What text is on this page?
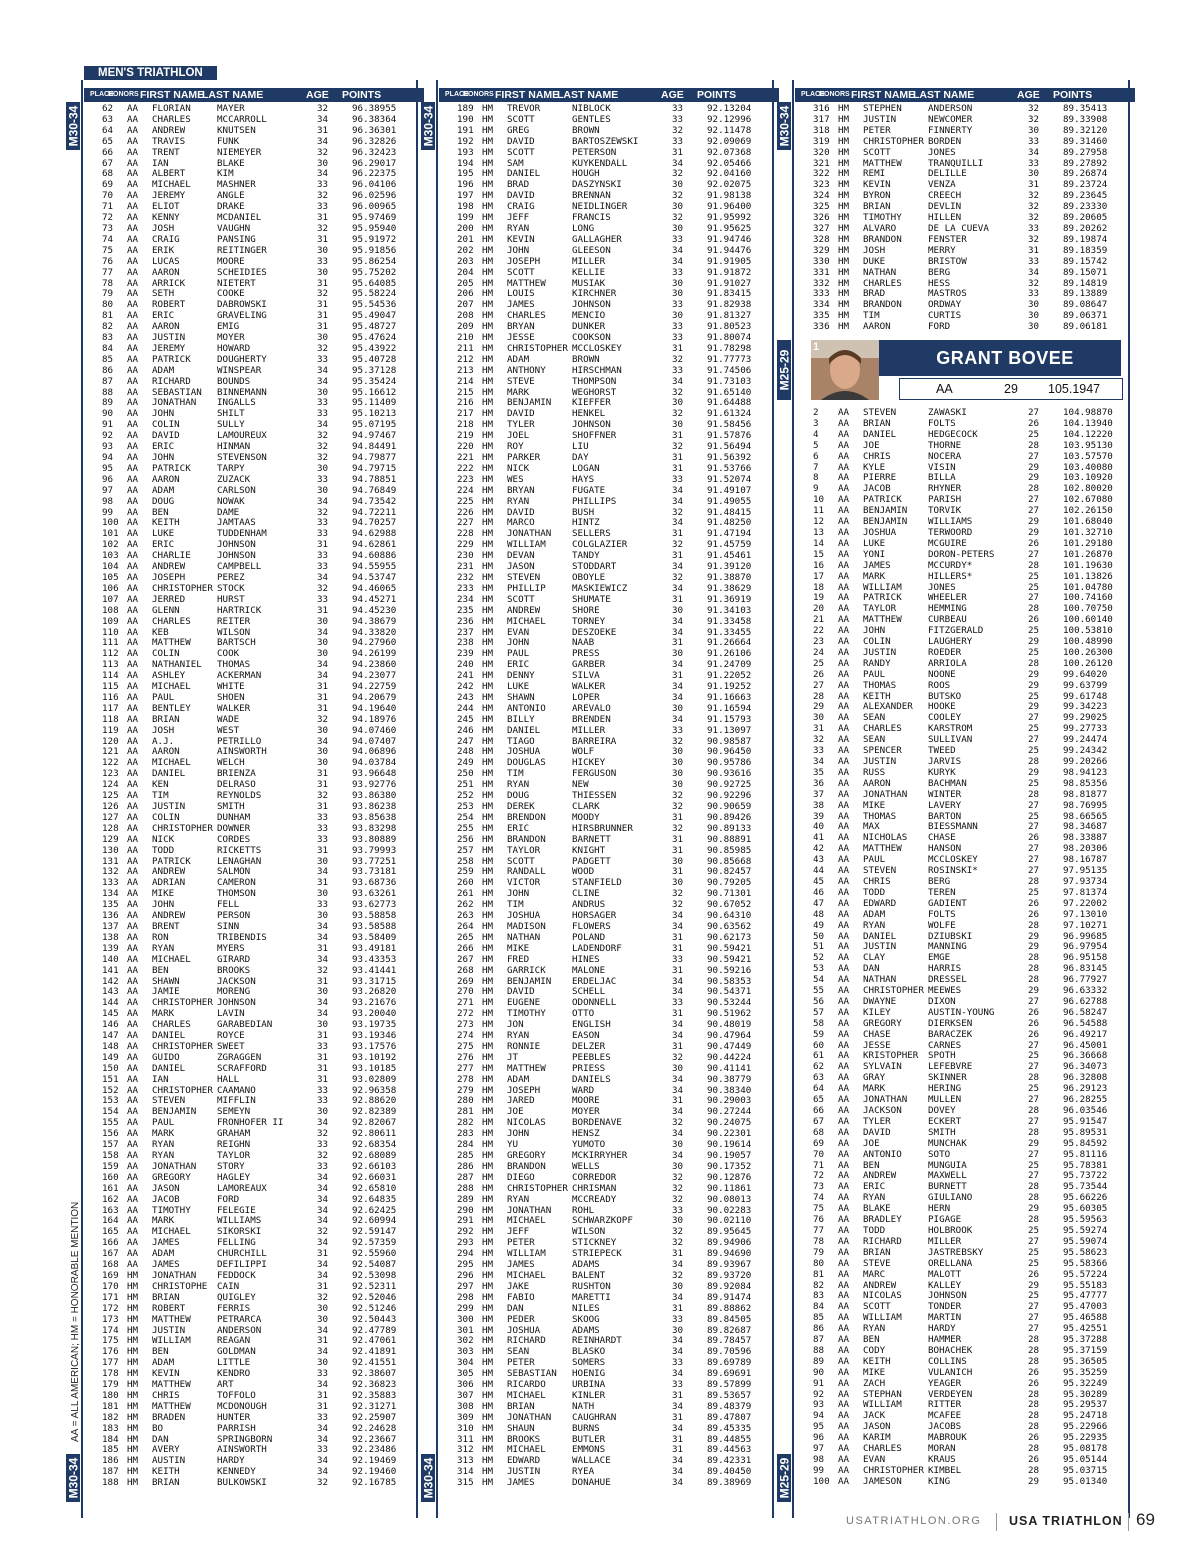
MEN'S TRIATHLON
PLACE
HONORS FIRST NAME
LAST NAME	AGE POINTS
62 AA FLORIAN	MAYER	32	96.38955
63 AA CHARLES	MCCARROLL	34	96.38364
64 AA ANDREW	KNUTSEN	31	96.36301
65 AA TRAVIS	FUNK	34	96.32826
66 AA TRENT	NIEMEYER	32	96.32423
67 AA IAN	BLAKE	30	96.29017
68 AA ALBERT	KIM	34	96.22375
69 AA MICHAEL	MASHNER	33	96.04106
70 AA JEREMY	ANGLE	32	96.02596
71 AA ELIOT	DRAKE	33	96.00965
72 AA KENNY	MCDANIEL	31	95.97469
73 AA JOSH	VAUGHN	32	95.95940
74 AA CRAIG	PANSING	31	95.91972
75 AA ERIK	REITINGER	30	95.91856
76 AA LUCAS	MOORE	33	95.86254
77 AA AARON	SCHEIDIES	30	95.75202
78 AA ARRICK	NIETERT	31	95.64085
79 AA SETH	COOKE	32	95.58224
80 AA ROBERT	DABROWSKI	31	95.54536
81 AA ERIC	GRAVELING	31	95.49047
82 AA AARON	EMIG	31	95.48727
83 AA JUSTIN	MOYER	30	95.47624
84 AA JEREMY	HOWARD	32	95.43922
85 AA PATRICK	DOUGHERTY	33	95.40728
86 AA ADAM	WINSPEAR	34	95.37128
87 AA RICHARD	BOUNDS	34	95.35424
88 AA SEBASTIAN BINNEMANN	30	95.16612
89 AA JONATHAN INGALLS	33	95.11409
90 AA JOHN	SHILT	33	95.10213
91 AA COLIN	SULLY	34	95.07195
92 AA DAVID	LAMOUREUX	32	94.97467
93 AA ERIC	HINMAN	32	94.84491
94 AA JOHN	STEVENSON	32	94.79877
95 AA PATRICK	TARPY	30	94.79715
96 AA AARON	ZUZACK	33	94.78851
97 AA ADAM	CARLSON	30	94.76849
98 AA DOUG	NOWAK	34	94.73542
99 AA BEN	DAME	32	94.72211
100 AA KEITH	JAMTAAS	33	94.70257
101 AA LUKE	TUDDENHAM	33	94.62988
102 AA ERIC	JOHNSON	31	94.62861
103 AA CHARLIE	JOHNSON	33	94.60886
104 AA ANDREW	CAMPBELL	33	94.55955
105 AA JOSEPH	PEREZ	34	94.53747
106 AA CHRISTOPHER STOCK	32	94.46065
107 AA JERRED	HURST	33	94.45271
108 AA GLENN	HARTRICK	31	94.45230
109 AA CHARLES	REITER	30	94.38679
110 AA KEB	WILSON	34	94.33820
111 AA MATTHEW	BARTSCH	30	94.27960
112 AA COLIN	COOK	30	94.26199
113 AA NATHANIEL THOMAS	34	94.23860
114 AA ASHLEY	ACKERMAN	34	94.23077
115 AA MICHAEL	WHITE	31	94.22759
116 AA PAUL	SHOEN	31	94.20679
117 AA BENTLEY	WALKER	31	94.19640
118 AA BRIAN	WADE	32	94.18976
119 AA JOSH	WEST	30	94.07460
120 AA A.J.	PETRILLO	34	94.07407
121 AA AARON	AINSWORTH	30	94.06896
122 AA MICHAEL	WELCH	30	94.03784
123 AA DANIEL	BRIENZA	31	93.96648
124 AA KEN	DELRASO	31	93.92776
125 AA TIM	REYNOLDS	32	93.86380
126 AA JUSTIN	SMITH	31	93.86238
127 AA COLIN	DUNHAM	33	93.85638
128 AA CHRISTOPHER DOWNER	33	93.83298
129 AA NICK	CORDES	33	93.80889
130 AA TODD	RICKETTS	31	93.79993
131 AA PATRICK	LENAGHAN	30	93.77251
132 AA ANDREW	SALMON	34	93.73181
133 AA ADRIAN	CAMERON	31	93.68736
134 AA MIKE	THOMSON	30	93.63261
135 AA JOHN	FELL	33	93.62773
136 AA ANDREW	PERSON	30	93.58858
137 AA BRENT	SINN	34	93.58588
138 AA RON	TRIBENDIS	34	93.58409
139 AA RYAN	MYERS	31	93.49181
140 AA MICHAEL	GIRARD	34	93.43353
141 AA BEN	BROOKS	32	93.41441
142 AA SHAWN	JACKSON	31	93.31715
143 AA JAMIE	MORENG	30	93.26820
144 AA CHRISTOPHER JOHNSON	34	93.21676
145 AA MARK	LAVIN	34	93.20040
146 AA CHARLES	GARABEDIAN	30	93.19735
147 AA DANIEL	ROYCE	31	93.19346
148 AA CHRISTOPHER SWEET	33	93.17576
149 AA GUIDO	ZGRAGGEN	31	93.10192
150 AA DANIEL	SCRAFFORD	31	93.10185
151 AA IAN	HALL	31	93.02809
152 AA CHRISTOPHER CAAMANO	33	92.96358
153 AA STEVEN	MIFFLIN	33	92.88620
154 AA BENJAMIN SEMEYN	30	92.82389
155 AA PAUL	FRONHOFER II	34	92.82067
156 AA MARK	GRAHAM	32	92.80611
157 AA RYAN	REIGHN	33	92.68354
158 AA RYAN	TAYLOR	32	92.68089
159 AA JONATHAN STORY	33	92.66103
160 AA GREGORY	HAGLEY	34	92.66031
161 AA JASON	LAMOREAUX	34	92.65810
162 AA JACOB	FORD	34	92.64835
163 AA TIMOTHY	FELEGIE	34	92.62425
164 AA MARK	WILLIAMS	34	92.60994
165 AA MICHAEL	SIKORSKI	32	92.59147
166 AA JAMES	FELLING	34	92.57359
167 AA ADAM	CHURCHILL	31	92.55960
168 AA JAMES	DEFILIPPI	34	92.54087
169 HM JONATHAN FEDDOCK	34	92.53098
170 HM CHRISTOPHE CAIN	31	92.52311
171 HM BRIAN	QUIGLEY	32	92.52046
172 HM ROBERT	FERRIS	30	92.51246
173 HM MATTHEW	PETRARCA	30	92.50443
174 HM JUSTIN	ANDERSON	34	92.47789
175 HM WILLIAM	REAGAN	31	92.47061
176 HM BEN	GOLDMAN	34	92.41891
177 HM ADAM	LITTLE	30	92.41551
178 HM KEVIN	KENDRO	33	92.38607
179 HM MATTHEW	ART	34	92.36823
180 HM CHRIS	TOFFOLO	31	92.35883
181 HM MATTHEW	MCDONOUGH	31	92.31271
182 HM BRADEN	HUNTER	33	92.25907
183 HM BO	PARRISH	34	92.24628
184 HM DAN	SPRINGBORN	34	92.23667
185 HM AVERY	AINSWORTH	33	92.23486
186 HM AUSTIN	HARDY	34	92.19469
187 HM KEITH	KENNEDY	34	92.19460
188 HM BRIAN	BULKOWSKI	32	92.16785
M30-34
M30-34
AA = ALL AMERICAN; HM = HONORABLE MENTION
PLACE
HONORS FIRST NAME
LAST NAME	AGE POINTS
189 HM TREVOR	NIBLOCK	33	92.13204
190 HM SCOTT	GENTLES	33	92.12996
191 HM GREG	BROWN	32	92.11478
192 HM DAVID	BARTOSZEWSKI	33	92.09069
193 HM SCOTT	PETERSON	31	92.07368
194 HM SAM	KUYKENDALL	34	92.05466
195 HM DANIEL	HOUGH	32	92.04160
196 HM BRAD	DASZYNSKI	30	92.02075
197 HM DAVID	BRENNAN	32	91.98138
198 HM CRAIG	NEIDLINGER	30	91.96400
199 HM JEFF	FRANCIS	32	91.95992
200 HM RYAN	LONG	30	91.95625
201 HM KEVIN	GALLAGHER	33	91.94746
202 HM JOHN	GLEESON	34	91.94476
203 HM JOSEPH	MILLER	34	91.91905
204 HM SCOTT	KELLIE	33	91.91872
205 HM MATTHEW	MUSIAK	30	91.91027
206 HM LOUIS	KIRCHNER	30	91.83415
207 HM JAMES	JOHNSON	33	91.82938
208 HM CHARLES	MENCIO	30	91.81327
209 HM BRYAN	DUNKER	33	91.80523
210 HM JESSE	COOKSON	33	91.80074
211 HM CHRISTOPHER MCCLOSKEY	31	91.78298
212 HM ADAM	BROWN	32	91.77773
213 HM ANTHONY	HIRSCHMAN	33	91.74506
214 HM STEVE	THOMPSON	34	91.73103
215 HM MARK	WEGHORST	32	91.65140
216 HM BENJAMIN KIEFFER	30	91.64488
217 HM DAVID	HENKEL	32	91.61324
218 HM TYLER	JOHNSON	30	91.58456
219 HM JOEL	SHOFFNER	31	91.57876
220 HM ROY	LIU	32	91.56494
221 HM PARKER	DAY	31	91.56392
222 HM NICK	LOGAN	31	91.53766
223 HM WES	HAYS	33	91.52074
224 HM BRYAN	FUGATE	34	91.49107
225 HM RYAN	PHILLIPS	34	91.49055
226 HM DAVID	BUSH	32	91.48415
227 HM MARCO	HINTZ	34	91.48250
228 HM JONATHAN SELLERS	31	91.47194
229 HM WILLIAM	COLGLAZIER	32	91.45759
230 HM DEVAN	TANDY	31	91.45461
231 HM JASON	STODDART	34	91.39120
232 HM STEVEN	OBOYLE	32	91.38870
233 HM PHILLIP	MASKIEWICZ	34	91.38629
234 HM SCOTT	SHUMATE	31	91.36919
235 HM ANDREW	SHORE	30	91.34103
236 HM MICHAEL	TORNEY	34	91.33458
237 HM EVAN	DESZOEKE	34	91.33455
238 HM JOHN	NAAB	31	91.26664
239 HM PAUL	PRESS	30	91.26106
240 HM ERIC	GARBER	34	91.24709
241 HM DENNY	SILVA	31	91.22052
242 HM LUKE	WALKER	34	91.19252
243 HM SHAWN	LOPER	34	91.16663
244 HM ANTONIO	AREVALO	30	91.16594
245 HM BILLY	BRENDEN	34	91.15793
246 HM DANIEL	MILLER	33	91.13097
247 HM TIAGO	BARREIRA	32	90.98587
248 HM JOSHUA	WOLF	30	90.96450
249 HM DOUGLAS	HICKEY	30	90.95786
250 HM TIM	FERGUSON	30	90.93616
251 HM RYAN	NEW	30	90.92725
252 HM DOUG	THIESSEN	32	90.92296
253 HM DEREK	CLARK	32	90.90659
254 HM BRENDON	MOODY	31	90.89426
255 HM ERIC	HIRSBRUNNER	32	90.89133
256 HM BRANDON	BARNETT	31	90.88891
257 HM TAYLOR	KNIGHT	31	90.85985
258 HM SCOTT	PADGETT	30	90.85668
259 HM RANDALL	WOOD	31	90.82457
260 HM VICTOR	STANFIELD	30	90.79205
261 HM JOHN	CLINE	32	90.71301
262 HM TIM	ANDRUS	32	90.67052
263 HM JOSHUA	HORSAGER	34	90.64310
264 HM MADISON	FLOWERS	34	90.63562
265 HM NATHAN	POLAND	31	90.62173
266 HM MIKE	LADENDORF	31	90.59421
267 HM FRED	HINES	33	90.59421
268 HM GARRICK	MALONE	31	90.59216
269 HM BENJAMIN ERDELJAC	34	90.58353
270 HM DAVID	SCHELL	34	90.54371
271 HM EUGENE	ODONNELL	33	90.53244
272 HM TIMOTHY	OTTO	31	90.51962
273 HM JON	ENGLISH	34	90.48019
274 HM RYAN	EASON	34	90.47964
275 HM RONNIE	DELZER	31	90.47449
276 HM JT	PEEBLES	32	90.44224
277 HM MATTHEW	PRIESS	30	90.41141
278 HM ADAM	DANIELS	34	90.38779
279 HM JOSEPH	WARD	34	90.38340
280 HM JARED	MOORE	31	90.29003
281 HM JOE	MOYER	34	90.27244
282 HM NICOLAS	BORDENAVE	32	90.24075
283 HM JOHN	HENSZ	34	90.22301
284 HM YU	YUMOTO	30	90.19614
285 HM GREGORY	MCKIRRYHER	34	90.19057
286 HM BRANDON	WELLS	30	90.17352
287 HM DIEGO	CORREDOR	32	90.12876
288 HM CHRISTOPHER CHRISMAN	32	90.11861
289 HM RYAN	MCCREADY	32	90.08013
290 HM JONATHAN ROHL	33	90.02283
291 HM MICHAEL	SCHWARZKOPF	30	90.02110
292 HM JEFF	WILSON	32	89.95645
293 HM PETER	STICKNEY	32	89.94906
294 HM WILLIAM	STRIEPECK	31	89.94690
295 HM JAMES	ADAMS	34	89.93967
296 HM MICHAEL	BALENT	32	89.93720
297 HM JAKE	RUSHTON	30	89.92084
298 HM FABIO	MARETTI	34	89.91474
299 HM DAN	NILES	31	89.88862
300 HM PEDER	SKOOG	33	89.84505
301 HM JOSHUA	ADAMS	30	89.82687
302 HM RICHARD	REINHARDT	34	89.78457
303 HM SEAN	BLASKO	34	89.70596
304 HM PETER	SOMERS	33	89.69789
305 HM SEBASTIAN HOENIG	34	89.69691
306 HM RICARDO	URBINA	33	89.57899
307 HM MICHAEL	KINLER	31	89.53657
308 HM BRIAN	NATH	34	89.48379
309 HM JONATHAN CAUGHRAN	31	89.47807
310 HM SHAUN	BURNS	34	89.45335
311 HM BROOKS	BUTLER	31	89.44855
312 HM MICHAEL	EMMONS	31	89.44563
313 HM EDWARD	WALLACE	34	89.42331
314 HM JUSTIN	RYEA	34	89.40450
315 HM JAMES	DONAHUE	34	89.38969
M30-34
M30-34
PLACE
HONORS FIRST NAME
LAST NAME	AGE POINTS
316 HM STEPHEN	ANDERSON	32	89.35413
317 HM JUSTIN	NEWCOMER	32	89.33908
318 HM PETER	FINNERTY	30	89.32120
319 HM CHRISTOPHER BORDEN	33	89.31460
320 HM SCOTT	JONES	34	89.27958
321 HM MATTHEW	TRANQUILLI	33	89.27892
322 HM REMI	DELILLE	30	89.26874
323 HM KEVIN	VENZA	31	89.23724
324 HM BYRON	CREECH	32	89.23645
325 HM BRIAN	DEVLIN	32	89.23330
326 HM TIMOTHY	HILLEN	32	89.20605
327 HM ALVARO	DE LA CUEVA	33	89.20262
328 HM BRANDON	FENSTER	32	89.19874
329 HM JOSH	MERRY	31	89.18359
330 HM DUKE	BRISTOW	33	89.15742
331 HM NATHAN	BERG	34	89.15071
332 HM CHARLES	HESS	32	89.14819
333 HM BRAD	MASTROS	33	89.13889
334 HM BRANDON	ORDWAY	30	89.08647
335 HM TIM	CURTIS	30	89.06371
336 HM AARON	FORD	30	89.06181
2 AA STEVEN	ZAWASKI	27	104.98870
3 AA BRIAN	FOLTS	26	104.13940
4 AA DANIEL	HEDGECOCK	25	104.12220
5 AA JOE	THORNE	28	103.95130
6 AA CHRIS	NOCERA	27	103.57570
7 AA KYLE	VISIN	29	103.40080
8 AA PIERRE	BILLA	29	103.10920
9 AA JACOB	RHYNER	28	102.80020
10 AA PATRICK	PARISH	27	102.67080
11 AA BENJAMIN TORVIK	27	102.26150
12 AA BENJAMIN WILLIAMS	29	101.68040
13 AA JOSHUA	TERWOORD	29	101.32710
14 AA LUKE	MCGUIRE	26	101.29180
15 AA YONI	DORON-PETERS	27	101.26870
16 AA JAMES	MCCURDY*	28	101.19630
17 AA MARK	HILLERS*	25	101.13826
18 AA WILLIAM	JONES	25	101.04780
19 AA PATRICK	WHEELER	27	100.74160
20 AA TAYLOR	HEMMING	28	100.70750
21 AA MATTHEW	CURBEAU	26	100.60140
22 AA JOHN	FITZGERALD	25	100.53810
23 AA COLIN	LAUGHERY	29	100.48990
24 AA JUSTIN	ROEDER	25	100.26300
25 AA RANDY	ARRIOLA	28	100.26120
26 AA PAUL	NOONE	29	99.64020
27 AA THOMAS	ROOS	29	99.63799
28 AA KEITH	BUTSKO	25	99.61748
29 AA ALEXANDER HOOKE	29	99.34223
30 AA SEAN	COOLEY	27	99.29025
31 AA CHARLES	KARSTROM	25	99.27733
32 AA SEAN	SULLIVAN	27	99.24474
33 AA SPENCER	TWEED	25	99.24342
34 AA JUSTIN	JARVIS	28	99.20266
35 AA RUSS	KURYK	29	98.94123
36 AA AARON	BACHMAN	25	98.85356
37 AA JONATHAN WINTER	28	98.81877
38 AA MIKE	LAVERY	27	98.76995
39 AA THOMAS	BARTON	25	98.66565
40 AA MAX	BIESSMANN	27	98.34687
41 AA NICHOLAS CHASE	26	98.33887
42 AA MATTHEW	HANSON	27	98.20306
43 AA PAUL	MCCLOSKEY	27	98.16787
44 AA STEVEN	ROSINSKI*	27	97.95135
45 AA CHRIS	BERG	28	97.93734
46 AA TODD	TEREN	25	97.81374
47 AA EDWARD	GADIENT	26	97.22002
48 AA ADAM	FOLTS	26	97.13010
49 AA RYAN	WOLFE	28	97.10271
50 AA DANIEL	DZIUBSKI	29	96.99685
51 AA JUSTIN	MANNING	29	96.97954
52 AA CLAY	EMGE	28	96.95158
53 AA DAN	HARRIS	28	96.83145
54 AA NATHAN	DRESSEL	28	96.77927
55 AA CHRISTOPHER MEEWES	29	96.63332
56 AA DWAYNE	DIXON	27	96.62788
57 AA KILEY	AUSTIN-YOUNG	26	96.58247
58 AA GREGORY	DIERKSEN	26	96.54588
59 AA CHASE	BARACZEK	26	96.49217
60 AA JESSE	CARNES	27	96.45001
61 AA KRISTOPHER SPOTH	25	96.36668
62 AA SYLVAIN	LEFEBVRE	27	96.34073
63 AA GRAY	SKINNER	28	96.32808
64 AA MARK	HERING	25	96.29123
65 AA JONATHAN MULLEN	27	96.28255
66 AA JACKSON	DOVEY	28	96.03546
67 AA TYLER	ECKERT	27	95.91547
68 AA DAVID	SMITH	28	95.89531
69 AA JOE	MUNCHAK	29	95.84592
70 AA ANTONIO	SOTO	27	95.81116
71 AA BEN	MUNGUIA	25	95.78381
72 AA ANDREW	MAXWELL	27	95.73722
73 AA ERIC	BURNETT	28	95.73544
74 AA RYAN	GIULIANO	28	95.66226
75 AA BLAKE	HERN	29	95.60305
76 AA BRADLEY	PIGAGE	28	95.59563
77 AA TODD	HOLBROOK	25	95.59274
78 AA RICHARD	MILLER	27	95.59074
79 AA BRIAN	JASTREBSKY	25	95.58623
80 AA STEVE	ORELLANA	25	95.58366
81 AA MARC	MALOTT	26	95.57224
82 AA ANDREW	KALLEY	29	95.55183
83 AA NICOLAS	JOHNSON	25	95.47777
84 AA SCOTT	TONDER	27	95.47003
85 AA WILLIAM	MARTIN	27	95.46588
86 AA RYAN	HARDY	27	95.42551
87 AA BEN	HAMMER	28	95.37288
88 AA CODY	BOHACHEK	28	95.37159
89 AA KEITH	COLLINS	28	95.36505
90 AA MIKE	VULANICH	26	95.35259
91 AA ZACH	YEAGER	26	95.32249
92 AA STEPHAN	VERDEYEN	28	95.30289
93 AA WILLIAM	RITTER	28	95.29537
94 AA JACK	MCAFEE	28	95.24718
95 AA JASON	JACOBS	28	95.22966
96 AA KARIM	MABROUK	26	95.22935
97 AA CHARLES	MORAN	28	95.08178
98 AA EVAN	KRAUS	26	95.05144
99 AA CHRISTOPHER KIMBEL	28	95.03715
100 AA JAMESON	KING	29	95.01340
M30-34
M25-29
M25-29
1
GRANT BOVEE
AA	29 105.1947
USATRIATHLON.ORG USA TRIATHLON 69
